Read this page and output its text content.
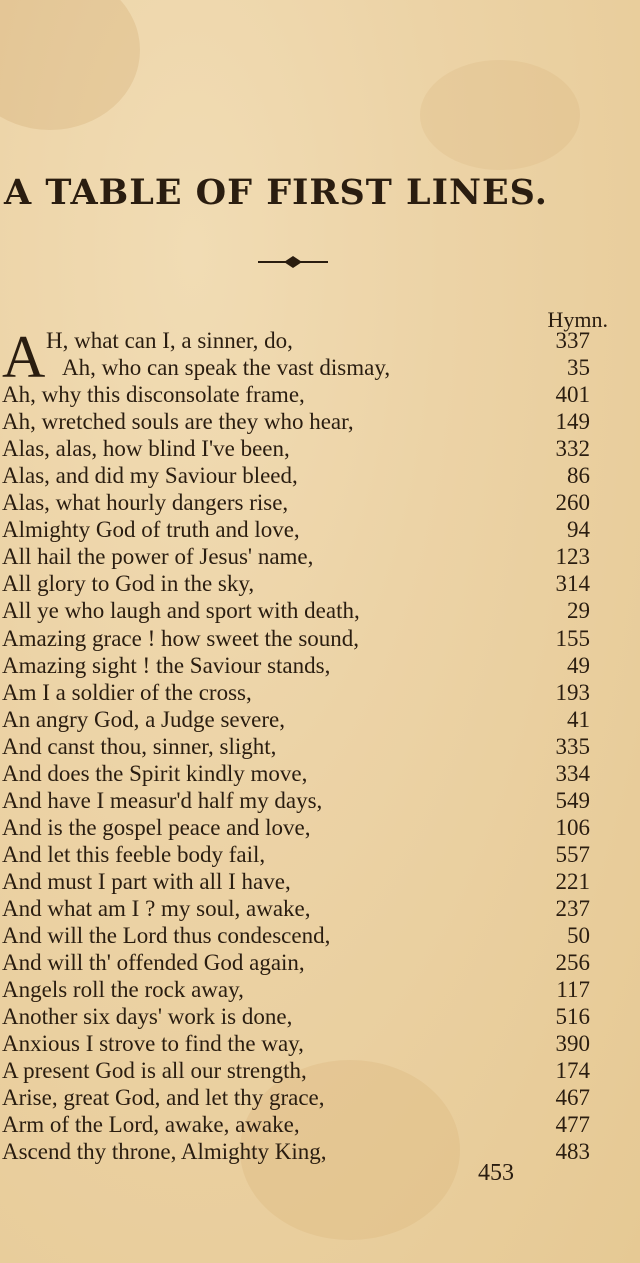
A TABLE OF FIRST LINES.
Hymn.
A H, what can I, a sinner, do,	337
Ah, who can speak the vast dismay,	35
Ah, why this disconsolate frame,	401
Ah, wretched souls are they who hear,	149
Alas, alas, how blind I've been,	332
Alas, and did my Saviour bleed,	86
Alas, what hourly dangers rise,	260
Almighty God of truth and love,	94
All hail the power of Jesus' name,	123
All glory to God in the sky,	314
All ye who laugh and sport with death,	29
Amazing grace ! how sweet the sound,	155
Amazing sight ! the Saviour stands,	49
Am I a soldier of the cross,	193
An angry God, a Judge severe,	41
And canst thou, sinner, slight,	335
And does the Spirit kindly move,	334
And have I measur'd half my days,	549
And is the gospel peace and love,	106
And let this feeble body fail,	557
And must I part with all I have,	221
And what am I ? my soul, awake,	237
And will the Lord thus condescend,	50
And will th' offended God again,	256
Angels roll the rock away,	117
Another six days' work is done,	516
Anxious I strove to find the way,	390
A present God is all our strength,	174
Arise, great God, and let thy grace,	467
Arm of the Lord, awake, awake,	477
Ascend thy throne, Almighty King,	483
453
